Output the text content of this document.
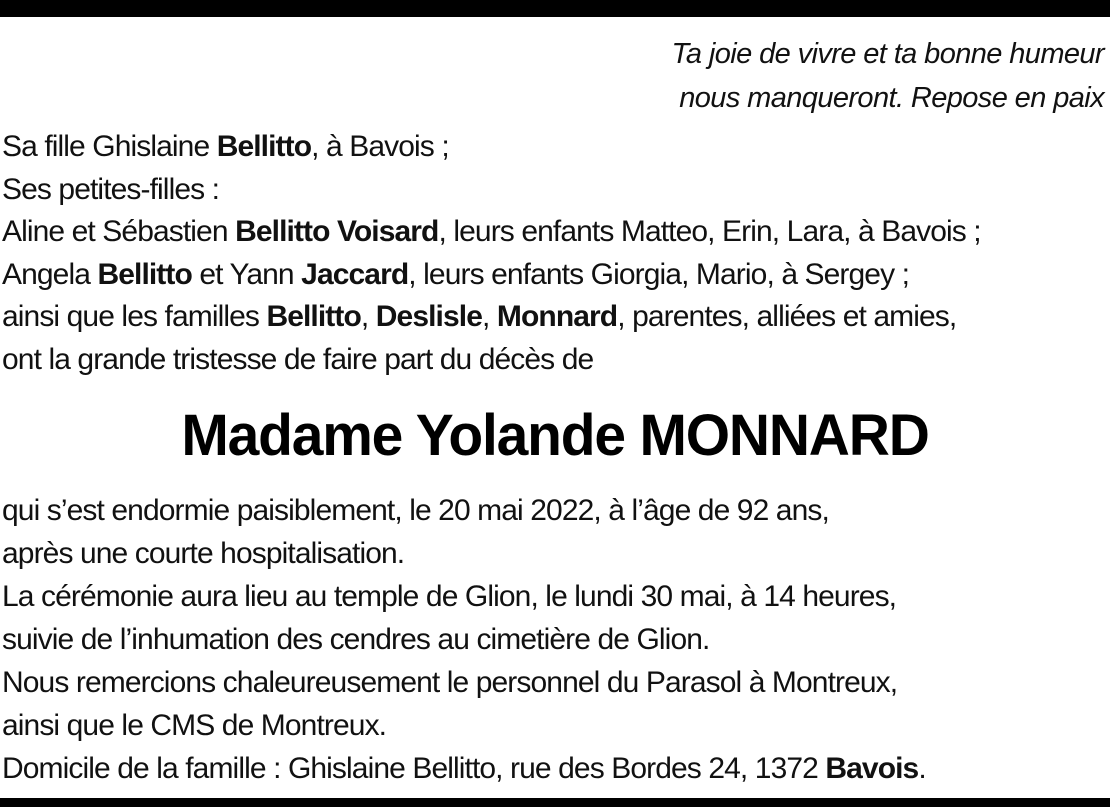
Ta joie de vivre et ta bonne humeur
nous manqueront. Repose en paix
Sa fille Ghislaine Bellitto, à Bavois ;
Ses petites-filles :
Aline et Sébastien Bellitto Voisard, leurs enfants Matteo, Erin, Lara, à Bavois ;
Angela Bellitto et Yann Jaccard, leurs enfants Giorgia, Mario, à Sergey ;
ainsi que les familles Bellitto, Deslisle, Monnard, parentes, alliées et amies,
ont la grande tristesse de faire part du décès de
Madame Yolande MONNARD
qui s’est endormie paisiblement, le 20 mai 2022, à l’âge de 92 ans,
après une courte hospitalisation.
La cérémonie aura lieu au temple de Glion, le lundi 30 mai, à 14 heures,
suivie de l’inhumation des cendres au cimetière de Glion.
Nous remercions chaleureusement le personnel du Parasol à Montreux,
ainsi que le CMS de Montreux.
Domicile de la famille : Ghislaine Bellitto, rue des Bordes 24, 1372 Bavois.
